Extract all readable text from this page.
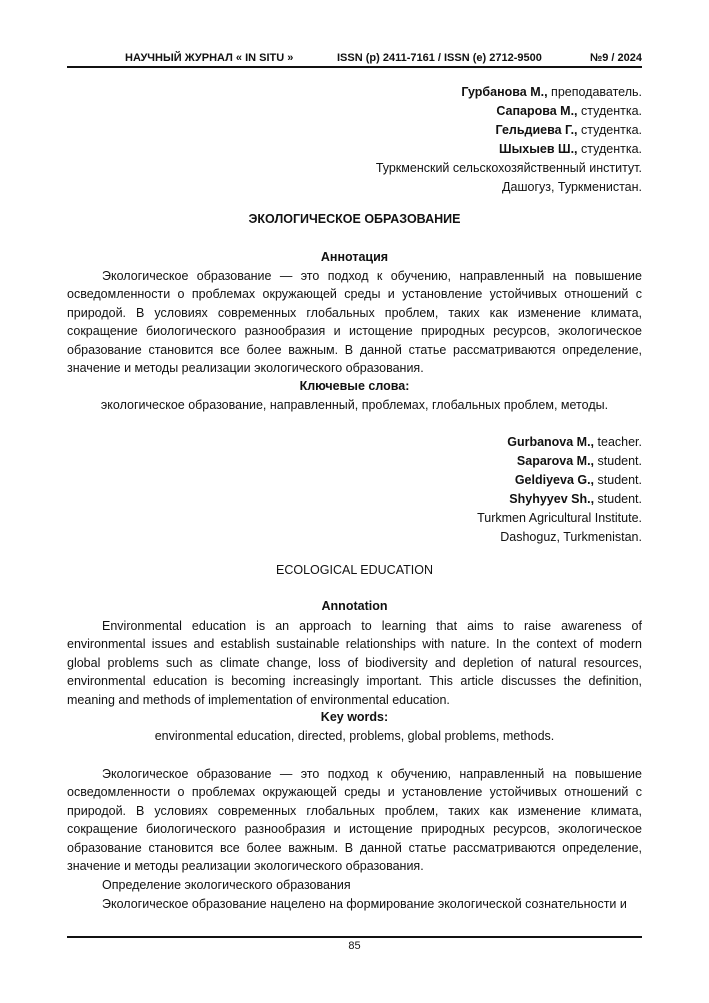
НАУЧНЫЙ ЖУРНАЛ « IN SITU »	ISSN (p) 2411-7161 / ISSN (e) 2712-9500	№9 / 2024
Гурбанова М., преподаватель.
Сапарова М., студентка.
Гельдиева Г., студентка.
Шыхыев Ш., студентка.
Туркменский сельскохозяйственный институт.
Дашогуз, Туркменистан.
ЭКОЛОГИЧЕСКОЕ ОБРАЗОВАНИЕ
Аннотация
Экологическое образование — это подход к обучению, направленный на повышение осведомленности о проблемах окружающей среды и установление устойчивых отношений с природой. В условиях современных глобальных проблем, таких как изменение климата, сокращение биологического разнообразия и истощение природных ресурсов, экологическое образование становится все более важным. В данной статье рассматриваются определение, значение и методы реализации экологического образования.
Ключевые слова:
экологическое образование, направленный, проблемах, глобальных проблем, методы.
Gurbanova M., teacher.
Saparova M., student.
Geldiyeva G., student.
Shyhyyev Sh., student.
Turkmen Agricultural Institute.
Dashoguz, Turkmenistan.
ECOLOGICAL EDUCATION
Annotation
Environmental education is an approach to learning that aims to raise awareness of environmental issues and establish sustainable relationships with nature. In the context of modern global problems such as climate change, loss of biodiversity and depletion of natural resources, environmental education is becoming increasingly important. This article discusses the definition, meaning and methods of implementation of environmental education.
Key words:
environmental education, directed, problems, global problems, methods.
Экологическое образование — это подход к обучению, направленный на повышение осведомленности о проблемах окружающей среды и установление устойчивых отношений с природой. В условиях современных глобальных проблем, таких как изменение климата, сокращение биологического разнообразия и истощение природных ресурсов, экологическое образование становится все более важным. В данной статье рассматриваются определение, значение и методы реализации экологического образования.
Определение экологического образования
Экологическое образование нацелено на формирование экологической сознательности и
85
